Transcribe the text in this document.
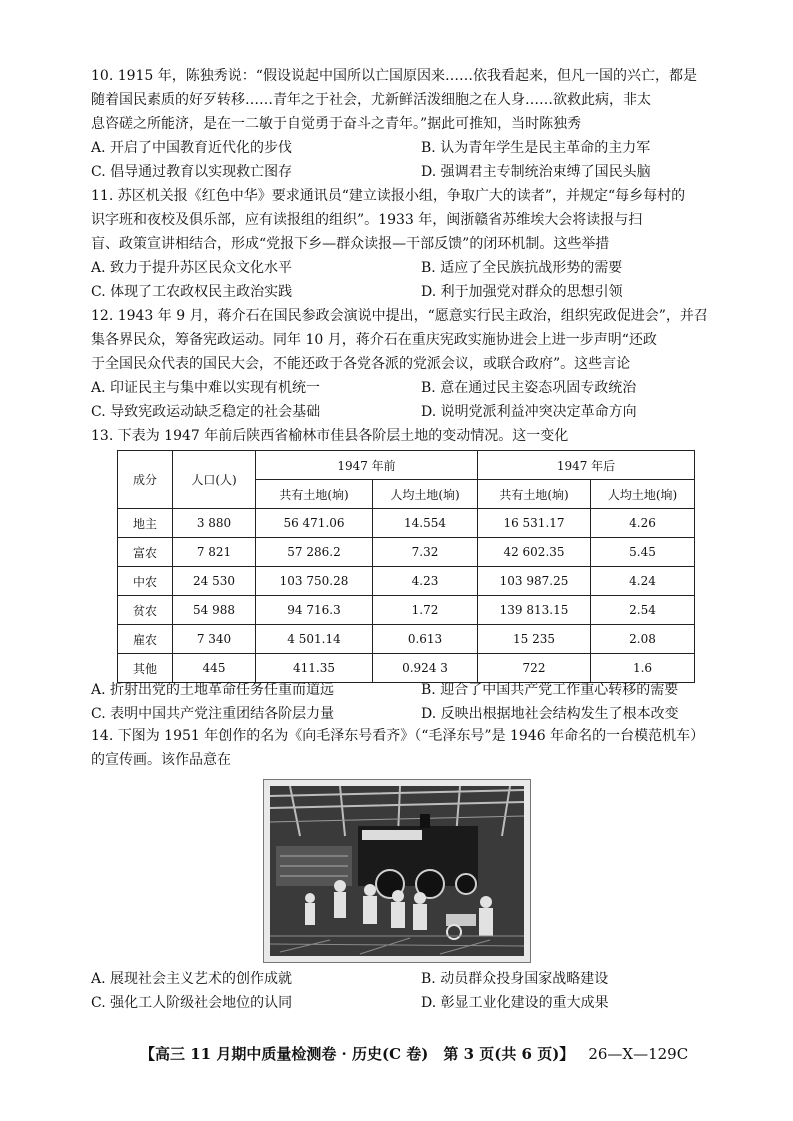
10. 1915 年，陈独秀说：“假设说起中国所以亡国原因来……依我看起来，但凡一国的兴亡，都是
随着国民素质的好歹转移……青年之于社会，尤新鲜活泼细胞之在人身……欲救此病，非太
息咨磋之所能济，是在一二敏于自觉勇于奋斗之青年。”据此可推知，当时陈独秀
A. 开启了中国教育近代化的步伐	B. 认为青年学生是民主革命的主力军
C. 倡导通过教育以实现救亡图存	D. 强调君主专制统治束缚了国民头脑
11. 苏区机关报《红色中华》要求通讯员“建立读报小组，争取广大的读者”，并规定“每乡每村的
识字班和夜校及俱乐部，应有读报组的组织”。1933 年，闽浙赣省苏维埃大会将读报与扫
盲、政策宣讲相结合，形成“党报下乡—群众读报—干部反馈”的闭环机制。这些举措
A. 致力于提升苏区民众文化水平	B. 适应了全民族抗战形势的需要
C. 体现了工农政权民主政治实践	D. 利于加强党对群众的思想引领
12. 1943 年 9 月，蒋介石在国民参政会演说中提出，“愿意实行民主政治，组织宪政促进会”，并召
集各界民众，筹备宪政运动。同年 10 月，蒋介石在重庆宪政实施协进会上进一步声明“还政
于全国民众代表的国民大会，不能还政于各党各派的党派会议，或联合政府”。这些言论
A. 印证民主与集中难以实现有机统一	B. 意在通过民主姿态巩固专政统治
C. 导致宪政运动缺乏稳定的社会基础	D. 说明党派利益冲突决定革命方向
13. 下表为 1947 年前后陕西省榆林市佳县各阶层土地的变动情况。这一变化
成分	人口(人)	1947 年前		1947 年后	
		共有土地(垧)	人均土地(垧)	共有土地(垧)	人均土地(垧)
地主	3 880	56 471.06	14.554	16 531.17	4.26
富农	7 821	57 286.2	7.32	42 602.35	5.45
中农	24 530	103 750.28	4.23	103 987.25	4.24
贫农	54 988	94 716.3	1.72	139 813.15	2.54
雇农	7 340	4 501.14	0.613	15 235	2.08
其他	445	411.35	0.924 3	722	1.6
A. 折射出党的土地革命任务任重而道远	B. 迎合了中国共产党工作重心转移的需要
C. 表明中国共产党注重团结各阶层力量	D. 反映出根据地社会结构发生了根本改变
14. 下图为 1951 年创作的名为《向毛泽东号看齐》（“毛泽东号”是 1946 年命名的一台模范机车）
的宣传画。该作品意在
A. 展现社会主义艺术的创作成就	B. 动员群众投身国家战略建设
C. 强化工人阶级社会地位的认同	D. 彰显工业化建设的重大成果
【高三 11 月期中质量检测卷 · 历史(C 卷)　第 3 页(共 6 页)】 26—X—129C
